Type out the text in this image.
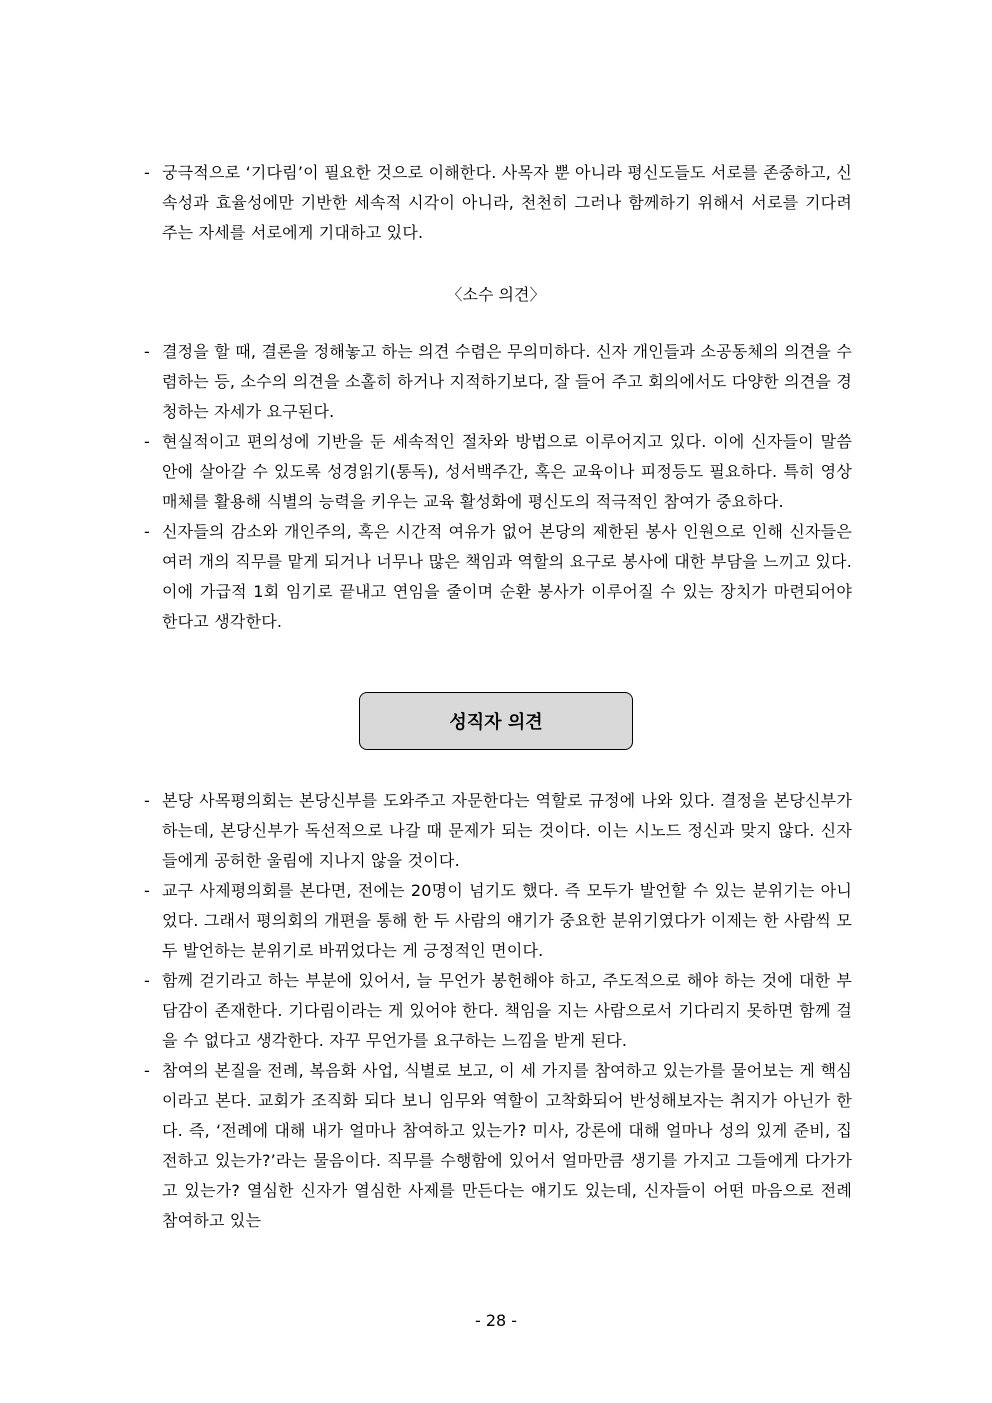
- 궁극적으로 ‘기다림’이 필요한 것으로 이해한다. 사목자 뿐 아니라 평신도들도 서로를 존중하고, 신속성과 효율성에만 기반한 세속적 시각이 아니라, 천천히 그러나 함께하기 위해서 서로를 기다려 주는 자세를 서로에게 기대하고 있다.
〈소수 의견〉
- 결정을 할 때, 결론을 정해놓고 하는 의견 수렴은 무의미하다. 신자 개인들과 소공동체의 의견을 수렴하는 등, 소수의 의견을 소홀히 하거나 지적하기보다, 잘 들어 주고 회의에서도 다양한 의견을 경청하는 자세가 요구된다.
- 현실적이고 편의성에 기반을 둔 세속적인 절차와 방법으로 이루어지고 있다. 이에 신자들이 말씀 안에 살아갈 수 있도록 성경읽기(통독), 성서백주간, 혹은 교육이나 피정등도 필요하다. 특히 영상매체를 활용해 식별의 능력을 키우는 교육 활성화에 평신도의 적극적인 참여가 중요하다.
- 신자들의 감소와 개인주의, 혹은 시간적 여유가 없어 본당의 제한된 봉사 인원으로 인해 신자들은 여러 개의 직무를 맡게 되거나 너무나 많은 책임과 역할의 요구로 봉사에 대한 부담을 느끼고 있다. 이에 가급적 1회 임기로 끝내고 연임을 줄이며 순환 봉사가 이루어질 수 있는 장치가 마련되어야 한다고 생각한다.
성직자 의견
- 본당 사목평의회는 본당신부를 도와주고 자문한다는 역할로 규정에 나와 있다. 결정을 본당신부가 하는데, 본당신부가 독선적으로 나갈 때 문제가 되는 것이다. 이는 시노드 정신과 맞지 않다. 신자들에게 공허한 울림에 지나지 않을 것이다.
- 교구 사제평의회를 본다면, 전에는 20명이 넘기도 했다. 즉 모두가 발언할 수 있는 분위기는 아니었다. 그래서 평의회의 개편을 통해 한 두 사람의 얘기가 중요한 분위기였다가 이제는 한 사람씩 모두 발언하는 분위기로 바뀌었다는 게 긍정적인 면이다.
- 함께 걷기라고 하는 부분에 있어서, 늘 무언가 봉헌해야 하고, 주도적으로 해야 하는 것에 대한 부담감이 존재한다. 기다림이라는 게 있어야 한다. 책임을 지는 사람으로서 기다리지 못하면 함께 걸을 수 없다고 생각한다. 자꾸 무언가를 요구하는 느낌을 받게 된다.
- 참여의 본질을 전례, 복음화 사업, 식별로 보고, 이 세 가지를 참여하고 있는가를 물어보는 게 핵심이라고 본다. 교회가 조직화 되다 보니 임무와 역할이 고착화되어 반성해보자는 취지가 아닌가 한다. 즉, ‘전례에 대해 내가 얼마나 참여하고 있는가? 미사, 강론에 대해 얼마나 성의 있게 준비, 집전하고 있는가?’라는 물음이다. 직무를 수행함에 있어서 얼마만큼 생기를 가지고 그들에게 다가가고 있는가? 열심한 신자가 열심한 사제를 만든다는 얘기도 있는데, 신자들이 어떤 마음으로 전례 참여하고 있는
- 28 -
